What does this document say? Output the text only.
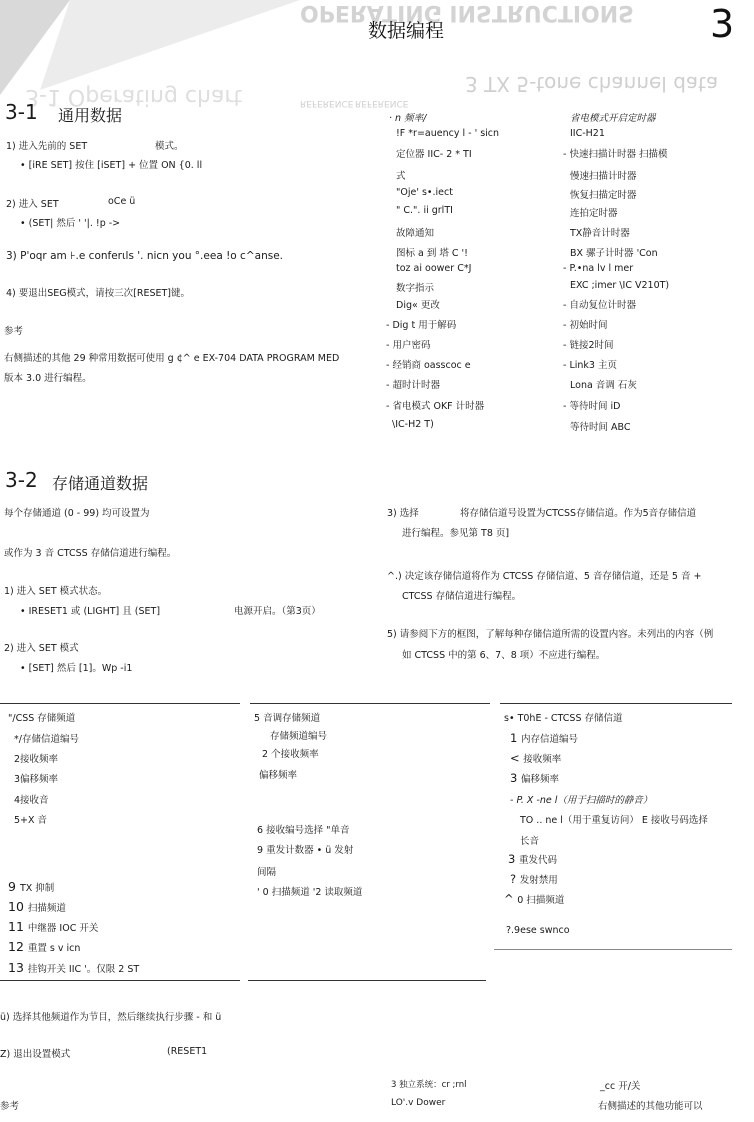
OPERATING INSTRUCTIONS
3 TX 5-tone channel data
3-1 Operating chart	REFERENCE REFERENCE
数据编程	3
3-1 通用数据
1) 进入先前的 SET	模式。
• [iRE SET] 按住 [iSET] + 位置 ON {0. ll
2) 进入 SET	oCe ü
• (SET| 然后 ' '|. !p ->
3) P'oqr am ⊦.e conferιls '. nicn you °.eea !o c^anse.
4) 要退出SEG模式，请按三次[RESET]键。
参考
右侧描述的其他 29 种常用数据可使用 g ¢^ e EX-704 DATA PROGRAM MED
版本 3.0 进行编程。
· n 频率/
!F *r=auency l - ' sicn
定位器 IIC- 2 * TI
式
"Oje' s•.iect
" C.". ii grlTI
故障通知
图标 a 到 塔 C '!
toz ai oower C*J
数字指示
Dig« 更改
- Dig t 用于解码
- 用户密码
- 经销商 oasscoc e
- 超时计时器
- 省电模式 OKF 计时器
\IC-H2 T)
省电模式开启定时器
IIC-H21
- 快速扫描计时器 扫描模
慢速扫描计时器
恢复扫描定时器
连拍定时器
TX静音计时器
BX 骡子计时器 'Con
- P.•na lv l mer
EXC ;imer \IC V210T)
- 自动复位计时器
- 初始时间
- 链接2时间
- Link3 主页
Lona 音调 石灰
- 等待时间 iD
等待时间 ABC
3-2 存储通道数据
每个存储通道 (0 - 99) 均可设置为
或作为 3 音 CTCSS 存储信道进行编程。
1) 进入 SET 模式状态。
• ⅠRESET1 或 (LIGHT] 且 (SET]	电源开启。（第3页）
2) 进入 SET 模式
• [SET] 然后 [1]。Wp -i1
3) 选择	将存储信道号设置为CTCSS存储信道。作为5音存储信道
进行编程。参见第 T8 页]
^.) 决定该存储信道将作为 CTCSS 存储信道、5 音存储信道，还是 5 音 +
CTCSS 存储信道进行编程。
5) 请参阅下方的框图，了解每种存储信道所需的设置内容。未列出的内容（例
如 CTCSS 中的第 6、7、8 项）不应进行编程。
"/CSS 存储频道	5 音调存储频道	s• T0hE - CTCSS 存储信道
*/存储信道编号
2接收频率
3偏移频率
4接收音
5+X 音
9 TX 抑制
10 扫描频道
11 中继器 IOC 开关
12 重置 s v icn
13 挂钩开关 IIC '。仅限 2 ST
存储频道编号
2 个接收频率
偏移频率
6 接收编号选择 "单音
9 重发计数器 • ü 发射
间隔
' 0 扫描频道 '2 读取频道
1 内存信道编号
< 接收频率
3 偏移频率
- P. X -ne l（用于扫描时的静音）
TO .. ne l（用于重复访问） E 接收号码选择
长音
3 重发代码
? 发射禁用
^ 0 扫描频道
?.9ese swnco
ü) 选择其他频道作为节目，然后继续执行步骤 - 和 ü
Z) 退出设置模式	(RESET1
参考
3 独立系统：cr ;rnl
LO'.v Dower
_cc 开/关
右侧描述的其他功能可以
